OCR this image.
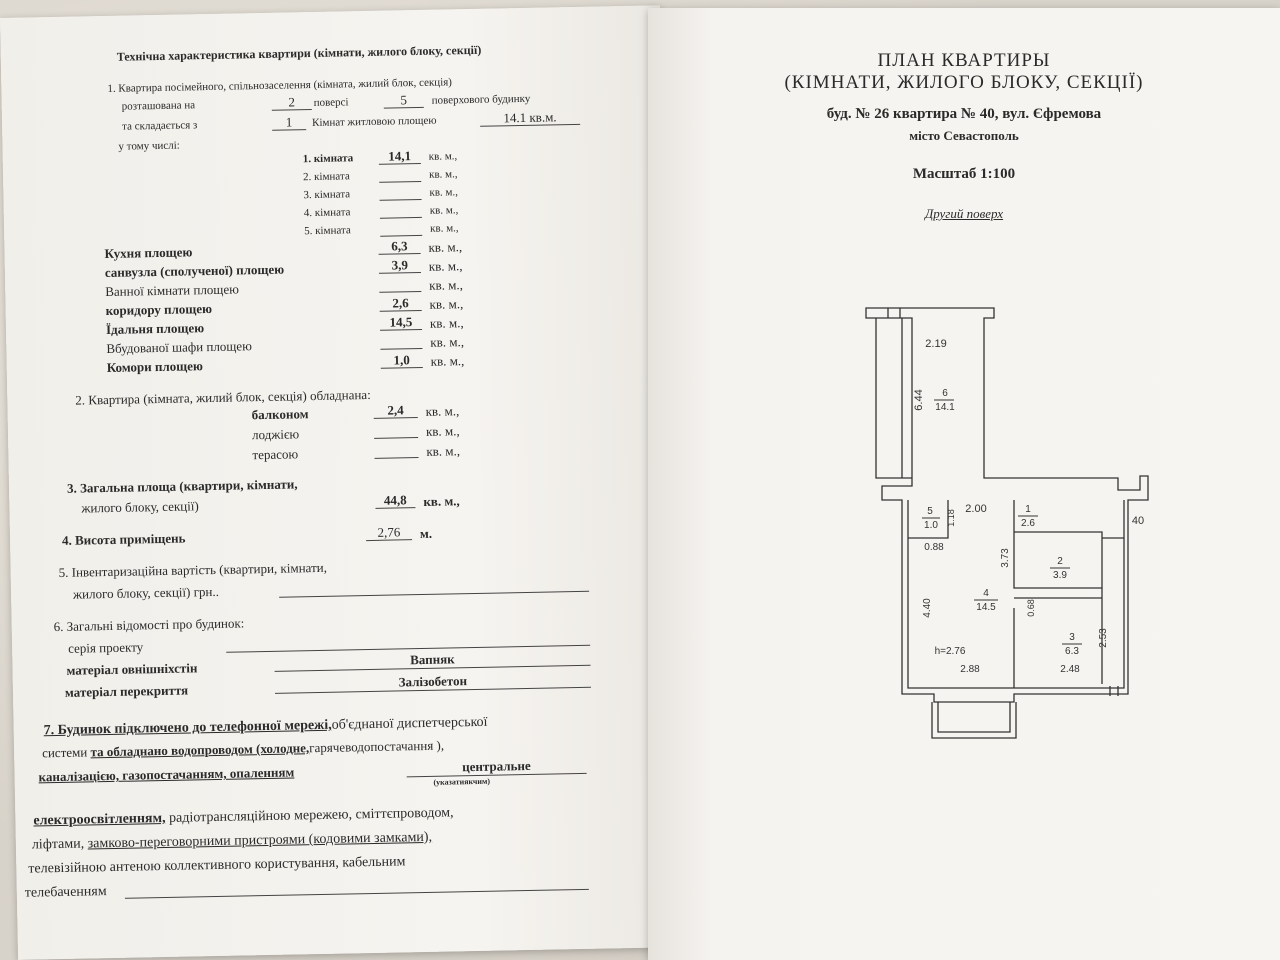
Технічна характеристика квартири (кімнати, жилого блоку, секції)
1. Квартира посімейного, спільнозаселення (кімната, жилий блок, секція)
розташована на	2	поверсі	5	поверхового будинку
та складається з	1	Кімнат житловою площею	14.1 кв.м.
у тому числі:
1. кімната	14,1	кв. м.,
2. кімната	кв. м.,
3. кімната	кв. м.,
4. кімната	кв. м.,
5. кімната	кв. м.,
Кухня площею	6,3	кв. м.,
санвузла (сполученої) площею	3,9	кв. м.,
Ванної кімнати площею	кв. м.,
коридору площею	2,6	кв. м.,
Їдальня площею	14,5	кв. м.,
Вбудованої шафи площею	кв. м.,
Комори площею	1,0	кв. м.,
2. Квартира (кімната, жилий блок, секція) обладнана:
балконом	2,4	кв. м.,
лоджією	кв. м.,
терасою	кв. м.,
3. Загальна площа (квартири, кімнати,
жилого блоку, секції)	44,8	кв. м.,
4. Висота приміщень	2,76	м.
5. Інвентаризаційна вартість (квартири, кімнати,
жилого блоку, секції) грн..
6. Загальні відомості про будинок:
серія проекту
матеріал овнішніхстін
Вапняк
матеріал перекриття
Залізобетон
7. Будинок підключено до телефонної мережі,об'єднаної диспетчерської
системи та обладнано водопроводом (холодне,гарячеводопостачання ),
каналізацією, газопостачанням, опаленням	центральне
(указатиякчим)
електроосвітленням, радіотрансляційною мережею, сміттєпроводом,
ліфтами, замково-переговорними пристроями (кодовими замками),
телевізійною антеною коллективного користування, кабельним
телебаченням
ПЛАН КВАРТИРЫ
(КІМНАТИ, ЖИЛОГО БЛОКУ, СЕКЦІЇ)
буд. № 26 квартира № 40, вул. Єфремова
місто Севастополь
Масштаб 1:100
Другий поверх
2.19
6.44 6
14.1
1.18
5
1.0
2.00	1
2.6	40
0.88
3.73	2
3.9
4.40
4
14.5	0.68
3
6.3
2.53
h=2.76
2.88	2.48
